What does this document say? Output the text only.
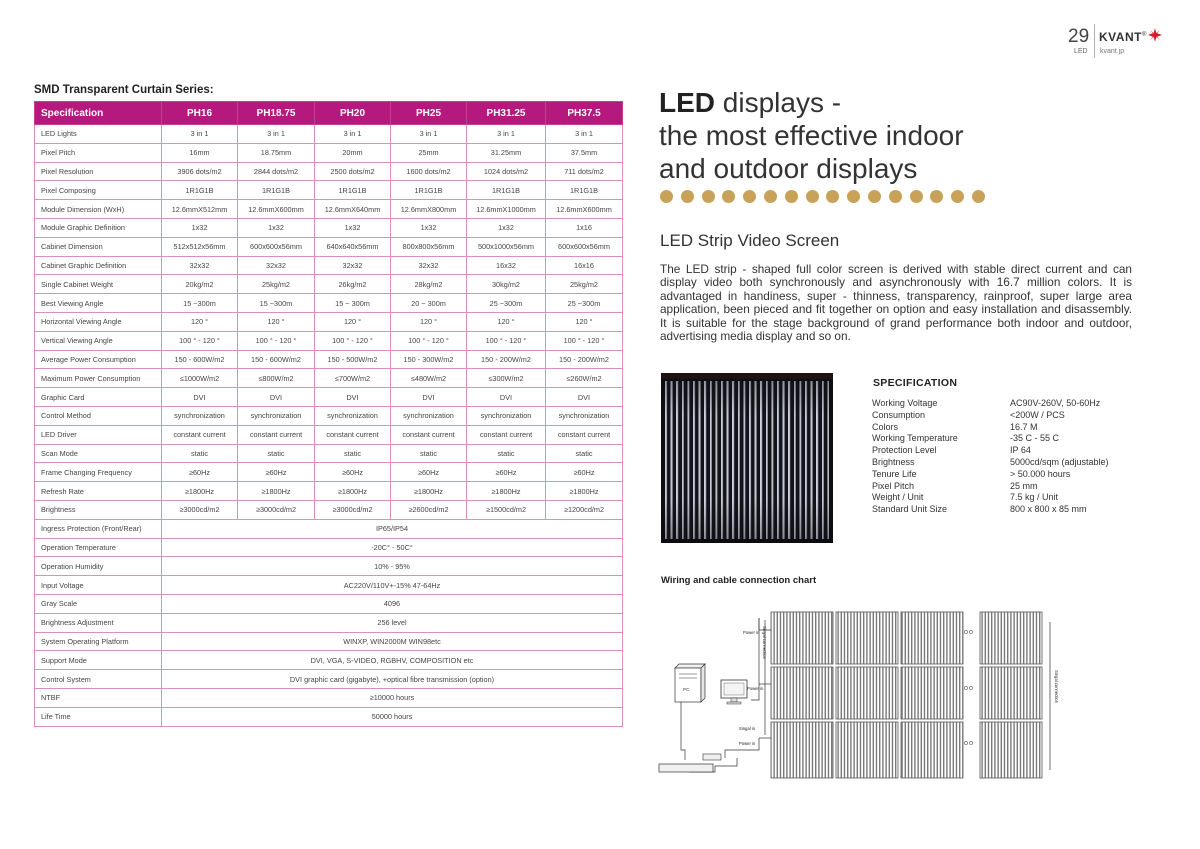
29
LED
KVANT®
kvant.jp
SMD Transparent Curtain Series:
Specification	PH16	PH18.75	PH20	PH25	PH31.25	PH37.5
LED Lights	3 in 1	3 in 1	3 in 1	3 in 1	3 in 1	3 in 1
Pixel Pitch	16mm	18.75mm	20mm	25mm	31.25mm	37.5mm
Pixel Resolution	3906 dots/m2	2844 dots/m2	2500 dots/m2	1600 dots/m2	1024 dots/m2	711 dots/m2
Pixel Composing	1R1G1B	1R1G1B	1R1G1B	1R1G1B	1R1G1B	1R1G1B
Module Dimension (WxH)	12.6mmX512mm	12.6mmX600mm	12.6mmX640mm	12.6mmX800mm	12.6mmX1000mm	12.6mmX600mm
Module Graphic Definition	1x32	1x32	1x32	1x32	1x32	1x16
Cabinet Dimension	512x512x56mm	600x600x56mm	640x640x56mm	800x800x56mm	500x1000x56mm	600x600x56mm
Cabinet Graphic Definition	32x32	32x32	32x32	32x32	16x32	16x16
Single Cabinet Weight	20kg/m2	25kg/m2	26kg/m2	28kg/m2	30kg/m2	25kg/m2
Best Viewing Angle	15 ~300m	15 ~300m	15 ~ 300m	20 ~ 300m	25 ~300m	25 ~300m
Horizontal Viewing Angle	120 °	120 °	120 °	120 °	120 °	120 °
Vertical Viewing Angle	100 ° - 120 °	100 ° - 120 °	100 ° - 120 °	100 ° - 120 °	100 ° - 120 °	100 ° - 120 °
Average Power Consumption	150 - 600W/m2	150 - 600W/m2	150 - 500W/m2	150 - 300W/m2	150 - 200W/m2	150 - 200W/m2
Maximum Power Consumption	≤1000W/m2	≤800W/m2	≤700W/m2	≤480W/m2	≤300W/m2	≤260W/m2
Graphic Card	DVI	DVI	DVI	DVI	DVI	DVI
Control Method	synchronization	synchronization	synchronization	synchronization	synchronization	synchronization
LED Driver	constant current	constant current	constant current	constant current	constant current	constant current
Scan Mode	static	static	static	static	static	static
Frame Changing Frequency	≥60Hz	≥60Hz	≥60Hz	≥60Hz	≥60Hz	≥60Hz
Refresh Rate	≥1800Hz	≥1800Hz	≥1800Hz	≥1800Hz	≥1800Hz	≥1800Hz
Brightness	≥3000cd/m2	≥3000cd/m2	≥3000cd/m2	≥2600cd/m2	≥1500cd/m2	≥1200cd/m2
Ingress Protection (Front/Rear)	IP65/IP54					
Operation Temperature	-20C° - 50C°					
Operation Humidity	10% - 95%					
Input Voltage	AC220V/110V+-15% 47-64Hz					
Gray Scale	4096					
Brightness Adjustment	256 level					
System Operating Platform	WINXP, WIN2000M WIN98etc					
Support Mode	DVI, VGA, S-VIDEO, RGBHV, COMPOSITION etc					
Control System	DVI graphic card (gigabyte), +optical fibre transmission (option)					
NTBF	≥10000 hours					
Life Time	50000 hours					
LED displays -
the most effective indoor
and outdoor displays
LED Strip Video Screen
The LED strip - shaped full color screen is derived with stable direct current and can display video both synchronously and asynchronously with 16.7 million colors. It is advantaged in handiness, super - thinness, transparency, rainproof, super large area application, been pieced and fit together on option and easy installation and disassembly. It is suitable for the stage background of grand performance both indoor and outdoor, advertising media display and so on.
SPECIFICATION
Working Voltage	AC90V-260V, 50-60Hz
Consumption	<200W / PCS
Colors	16.7 M
Working Temperature	-35 C - 55 C
Protection Level	IP 64
Brightness	5000cd/sqm (adjustable)
Tenure Life	> 50.000 hours
Pixel Pitch	25 mm
Weight / Unit	7.5 kg / Unit
Standard Unit Size	800 x 800 x 85 mm
Wiring and cable connection chart
PC
Power in
Power in
Singal in
Power in
Singal connection
Singal connection
